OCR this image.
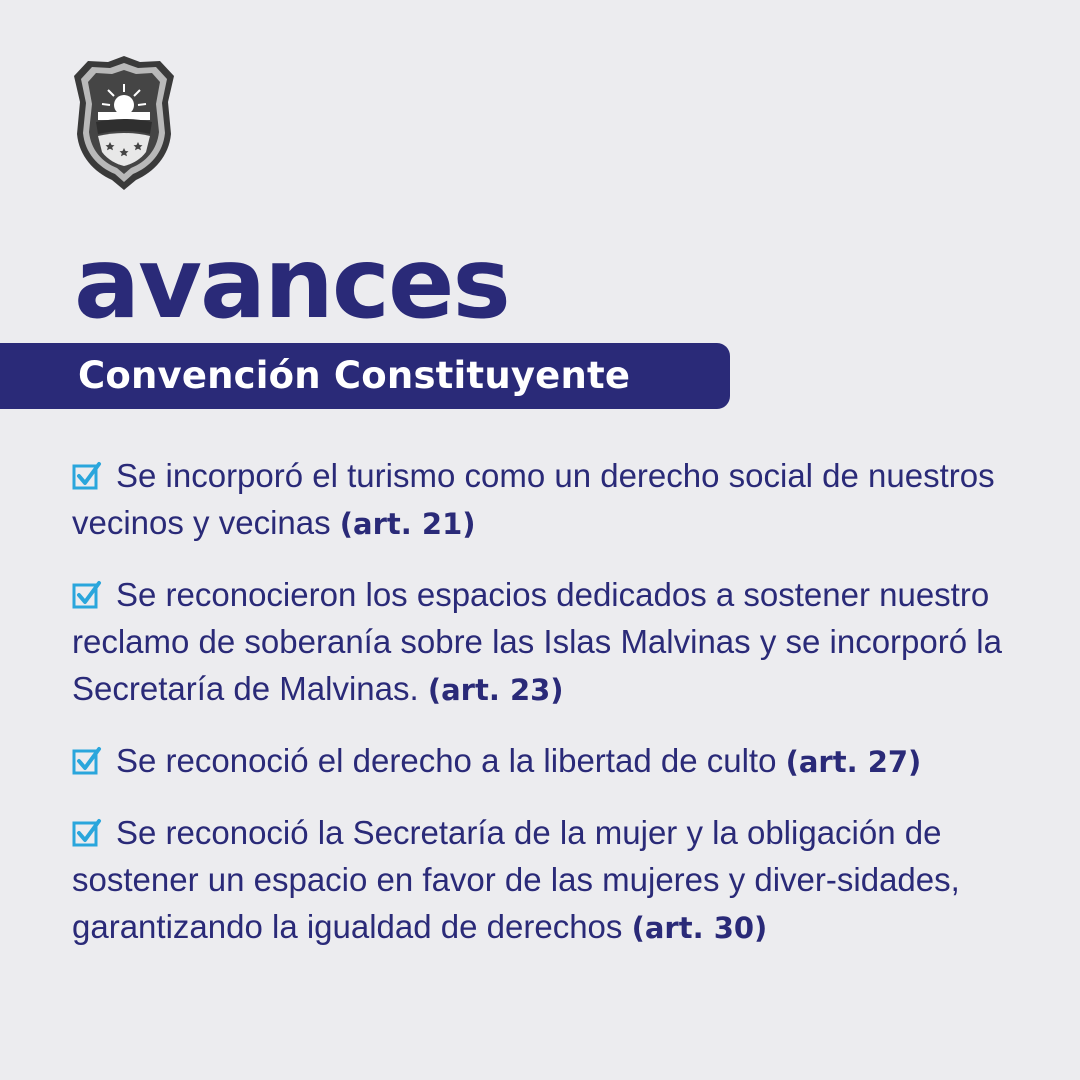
avances
Convención Constituyente

Se incorporó el turismo como un derecho social de nuestros vecinos y vecinas (art. 21)

Se reconocieron los espacios dedicados a sostener nuestro reclamo de soberanía sobre las Islas Malvinas y se incorporó la Secretaría de Malvinas. (art. 23)

Se reconoció el derecho a la libertad de culto (art. 27)

Se reconoció la Secretaría de la mujer y la obligación de sostener un espacio en favor de las mujeres y diver-sidades, garantizando la igualdad de derechos (art. 30)
